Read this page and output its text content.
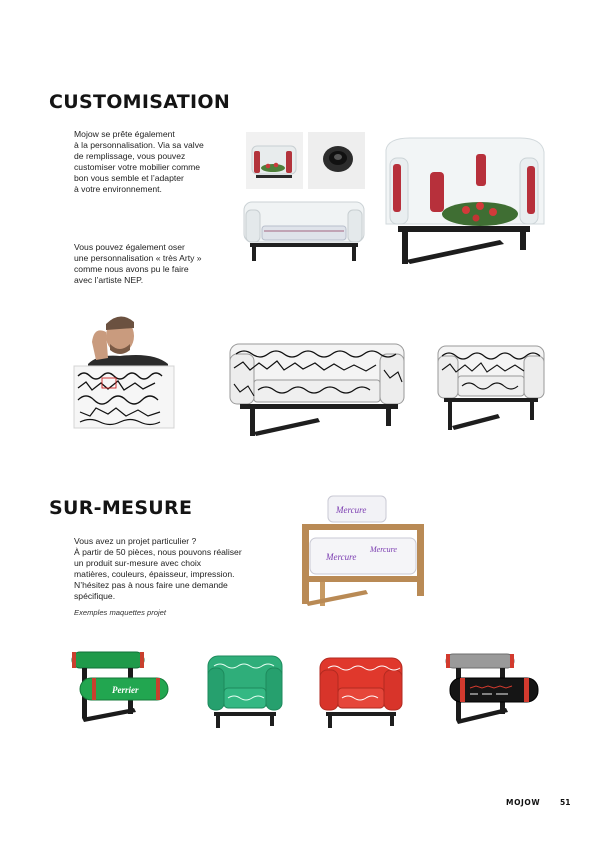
CUSTOMISATION

Mojow se prête également
à la personnalisation. Via sa valve
de remplissage, vous pouvez
customiser votre mobilier comme
bon vous semble et l’adapter
à votre environnement.

Vous pouvez également oser
une personnalisation « très Arty »
comme nous avons pu le faire
avec l’artiste NEP.

SUR-MESURE

Vous avez un projet particulier ?
À partir de 50 pièces, nous pouvons réaliser
un produit sur-mesure avec choix
matières, couleurs, épaisseur, impression.
N’hésitez pas à nous faire une demande
spécifique.

Exemples maquettes projet
Mercure
Mercure
Mercure
Perrier
MOJOW	51
